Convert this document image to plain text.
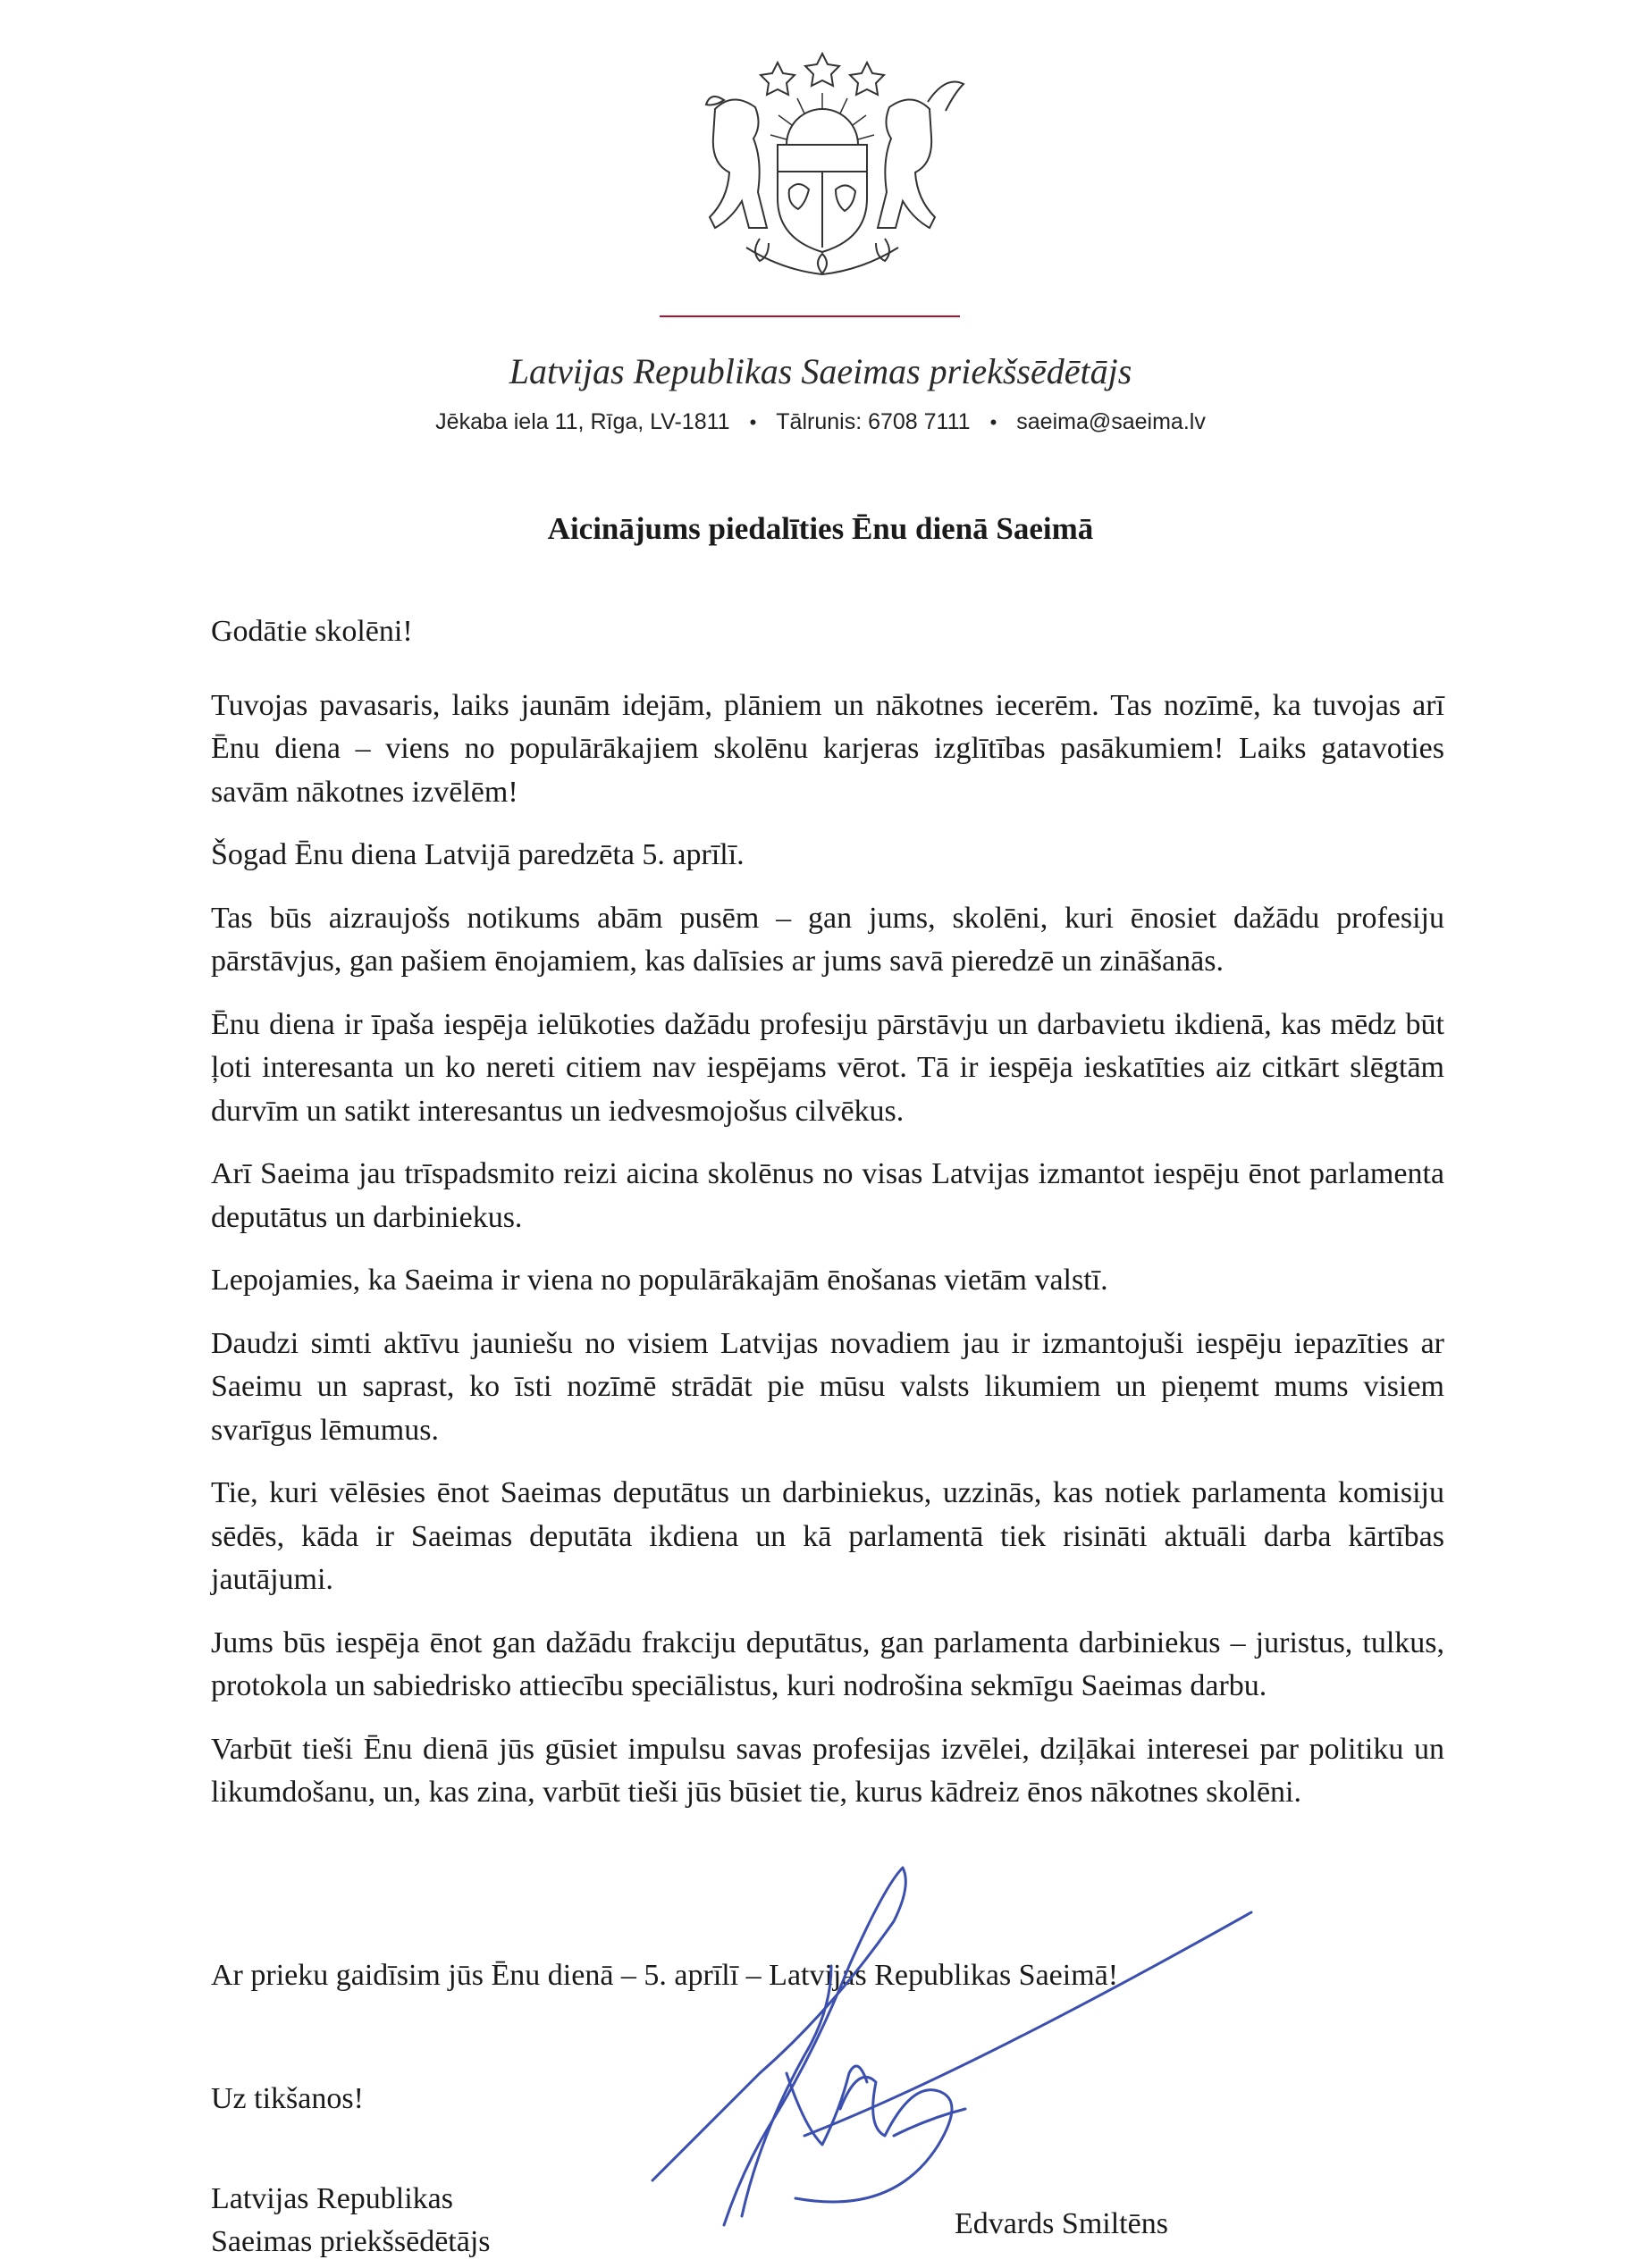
Latvijas Republikas Saeimas priekšsēdētājs
Jēkaba iela 11, Rīga, LV-1811 • Tālrunis: 6708 7111 • saeima@saeima.lv
Aicinājums piedalīties Ēnu dienā Saeimā

Godātie skolēni!

Tuvojas pavasaris, laiks jaunām idejām, plāniem un nākotnes iecerēm. Tas nozīmē, ka tuvojas arī Ēnu diena – viens no populārākajiem skolēnu karjeras izglītības pasākumiem! Laiks gatavoties savām nākotnes izvēlēm!

Šogad Ēnu diena Latvijā paredzēta 5. aprīlī.

Tas būs aizraujošs notikums abām pusēm – gan jums, skolēni, kuri ēnosiet dažādu profesiju pārstāvjus, gan pašiem ēnojamiem, kas dalīsies ar jums savā pieredzē un zināšanās.

Ēnu diena ir īpaša iespēja ielūkoties dažādu profesiju pārstāvju un darbavietu ikdienā, kas mēdz būt ļoti interesanta un ko nereti citiem nav iespējams vērot. Tā ir iespēja ieskatīties aiz citkārt slēgtām durvīm un satikt interesantus un iedvesmojošus cilvēkus.

Arī Saeima jau trīspadsmito reizi aicina skolēnus no visas Latvijas izmantot iespēju ēnot parlamenta deputātus un darbiniekus.

Lepojamies, ka Saeima ir viena no populārākajām ēnošanas vietām valstī.

Daudzi simti aktīvu jauniešu no visiem Latvijas novadiem jau ir izmantojuši iespēju iepazīties ar Saeimu un saprast, ko īsti nozīmē strādāt pie mūsu valsts likumiem un pieņemt mums visiem svarīgus lēmumus.

Tie, kuri vēlēsies ēnot Saeimas deputātus un darbiniekus, uzzinās, kas notiek parlamenta komisiju sēdēs, kāda ir Saeimas deputāta ikdiena un kā parlamentā tiek risināti aktuāli darba kārtības jautājumi.

Jums būs iespēja ēnot gan dažādu frakciju deputātus, gan parlamenta darbiniekus – juristus, tulkus, protokola un sabiedrisko attiecību speciālistus, kuri nodrošina sekmīgu Saeimas darbu.

Varbūt tieši Ēnu dienā jūs gūsiet impulsu savas profesijas izvēlei, dziļākai interesei par politiku un likumdošanu, un, kas zina, varbūt tieši jūs būsiet tie, kurus kādreiz ēnos nākotnes skolēni.

Ar prieku gaidīsim jūs Ēnu dienā – 5. aprīlī – Latvijas Republikas Saeimā!
Uz tikšanos!
Latvijas Republikas
Saeimas priekšsēdētājs
Edvards Smiltēns
